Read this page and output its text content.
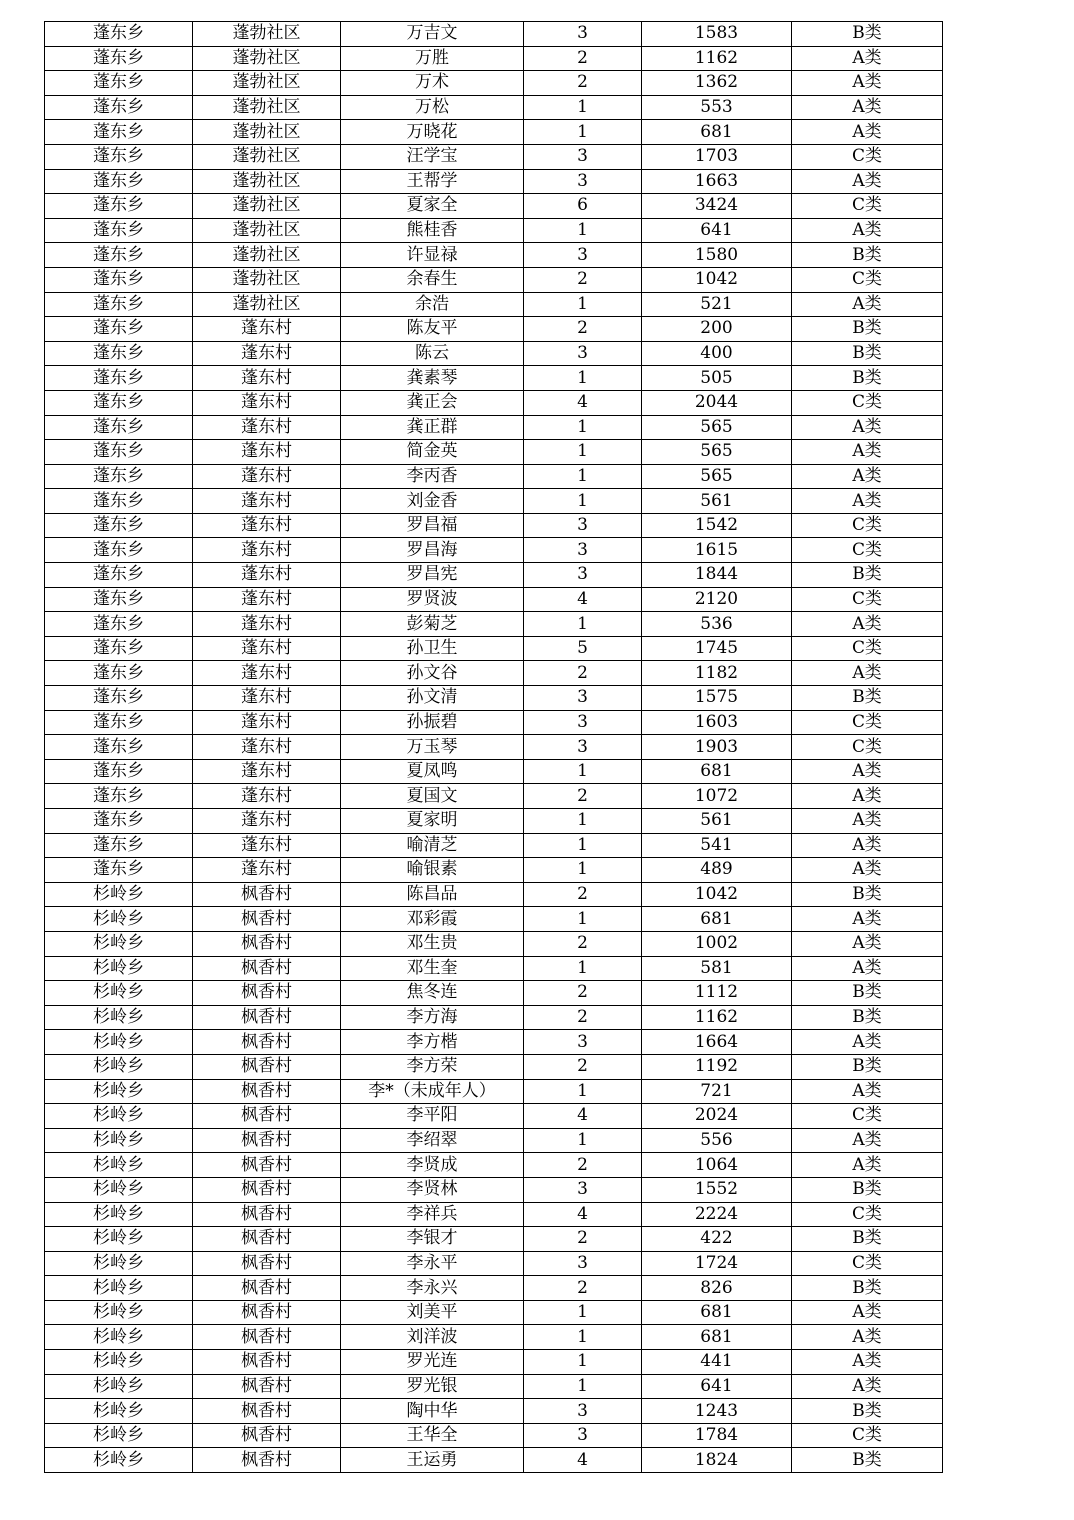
蓬东乡	蓬勃社区	万吉文	3	1583	B类
蓬东乡	蓬勃社区	万胜	2	1162	A类
蓬东乡	蓬勃社区	万术	2	1362	A类
蓬东乡	蓬勃社区	万松	1	553	A类
蓬东乡	蓬勃社区	万晓花	1	681	A类
蓬东乡	蓬勃社区	汪学宝	3	1703	C类
蓬东乡	蓬勃社区	王帮学	3	1663	A类
蓬东乡	蓬勃社区	夏家全	6	3424	C类
蓬东乡	蓬勃社区	熊桂香	1	641	A类
蓬东乡	蓬勃社区	许显禄	3	1580	B类
蓬东乡	蓬勃社区	余春生	2	1042	C类
蓬东乡	蓬勃社区	余浩	1	521	A类
蓬东乡	蓬东村	陈友平	2	200	B类
蓬东乡	蓬东村	陈云	3	400	B类
蓬东乡	蓬东村	龚素琴	1	505	B类
蓬东乡	蓬东村	龚正会	4	2044	C类
蓬东乡	蓬东村	龚正群	1	565	A类
蓬东乡	蓬东村	简金英	1	565	A类
蓬东乡	蓬东村	李丙香	1	565	A类
蓬东乡	蓬东村	刘金香	1	561	A类
蓬东乡	蓬东村	罗昌福	3	1542	C类
蓬东乡	蓬东村	罗昌海	3	1615	C类
蓬东乡	蓬东村	罗昌宪	3	1844	B类
蓬东乡	蓬东村	罗贤波	4	2120	C类
蓬东乡	蓬东村	彭菊芝	1	536	A类
蓬东乡	蓬东村	孙卫生	5	1745	C类
蓬东乡	蓬东村	孙文谷	2	1182	A类
蓬东乡	蓬东村	孙文清	3	1575	B类
蓬东乡	蓬东村	孙振碧	3	1603	C类
蓬东乡	蓬东村	万玉琴	3	1903	C类
蓬东乡	蓬东村	夏凤鸣	1	681	A类
蓬东乡	蓬东村	夏国文	2	1072	A类
蓬东乡	蓬东村	夏家明	1	561	A类
蓬东乡	蓬东村	喻清芝	1	541	A类
蓬东乡	蓬东村	喻银素	1	489	A类
杉岭乡	枫香村	陈昌品	2	1042	B类
杉岭乡	枫香村	邓彩霞	1	681	A类
杉岭乡	枫香村	邓生贵	2	1002	A类
杉岭乡	枫香村	邓生奎	1	581	A类
杉岭乡	枫香村	焦冬连	2	1112	B类
杉岭乡	枫香村	李方海	2	1162	B类
杉岭乡	枫香村	李方楷	3	1664	A类
杉岭乡	枫香村	李方荣	2	1192	B类
杉岭乡	枫香村	李*（未成年人）	1	721	A类
杉岭乡	枫香村	李平阳	4	2024	C类
杉岭乡	枫香村	李绍翠	1	556	A类
杉岭乡	枫香村	李贤成	2	1064	A类
杉岭乡	枫香村	李贤林	3	1552	B类
杉岭乡	枫香村	李祥兵	4	2224	C类
杉岭乡	枫香村	李银才	2	422	B类
杉岭乡	枫香村	李永平	3	1724	C类
杉岭乡	枫香村	李永兴	2	826	B类
杉岭乡	枫香村	刘美平	1	681	A类
杉岭乡	枫香村	刘洋波	1	681	A类
杉岭乡	枫香村	罗光连	1	441	A类
杉岭乡	枫香村	罗光银	1	641	A类
杉岭乡	枫香村	陶中华	3	1243	B类
杉岭乡	枫香村	王华全	3	1784	C类
杉岭乡	枫香村	王运勇	4	1824	B类
